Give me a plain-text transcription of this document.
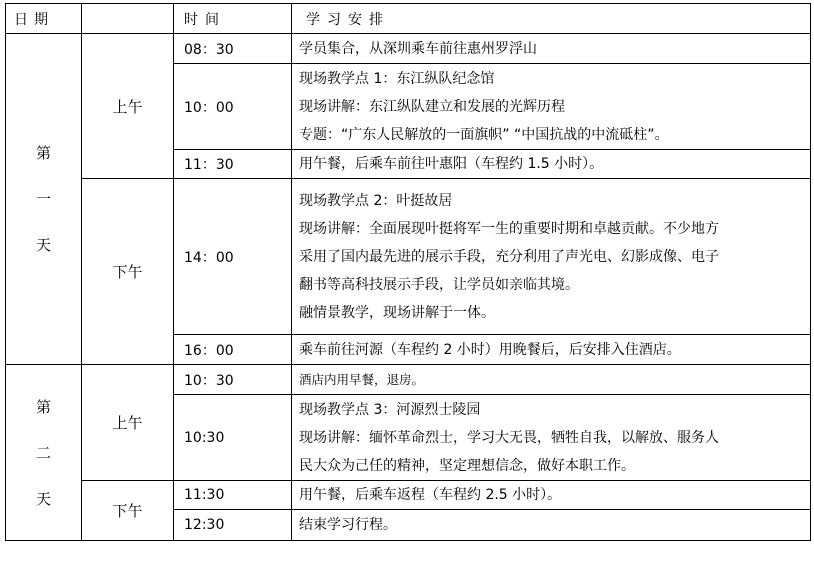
日期		时间	学习安排

第
一
天	上午	08：30	学员集合，从深圳乘车前往惠州罗浮山

		10：00	现场教学点 1：东江纵队纪念馆
现场讲解：东江纵队建立和发展的光辉历程
专题：“广东人民解放的一面旗帜” “中国抗战的中流砥柱”。

		11：30	用午餐，后乘车前往叶惠阳（车程约 1.5 小时）。

	下午	14：00	现场教学点 2：叶挺故居
现场讲解：全面展现叶挺将军一生的重要时期和卓越贡献。不少地方
采用了国内最先进的展示手段，充分利用了声光电、幻影成像、电子
翻书等高科技展示手段，让学员如亲临其境。
融情景教学，现场讲解于一体。

		16：00	乘车前往河源（车程约 2 小时）用晚餐后，后安排入住酒店。

第
二
天	上午	10：30	酒店内用早餐，退房。

		10:30	现场教学点 3：河源烈士陵园
现场讲解：缅怀革命烈士，学习大无畏，牺牲自我，以解放、服务人
民大众为己任的精神，坚定理想信念，做好本职工作。

	下午	11:30	用午餐，后乘车返程（车程约 2.5 小时）。

		12:30	结束学习行程。
